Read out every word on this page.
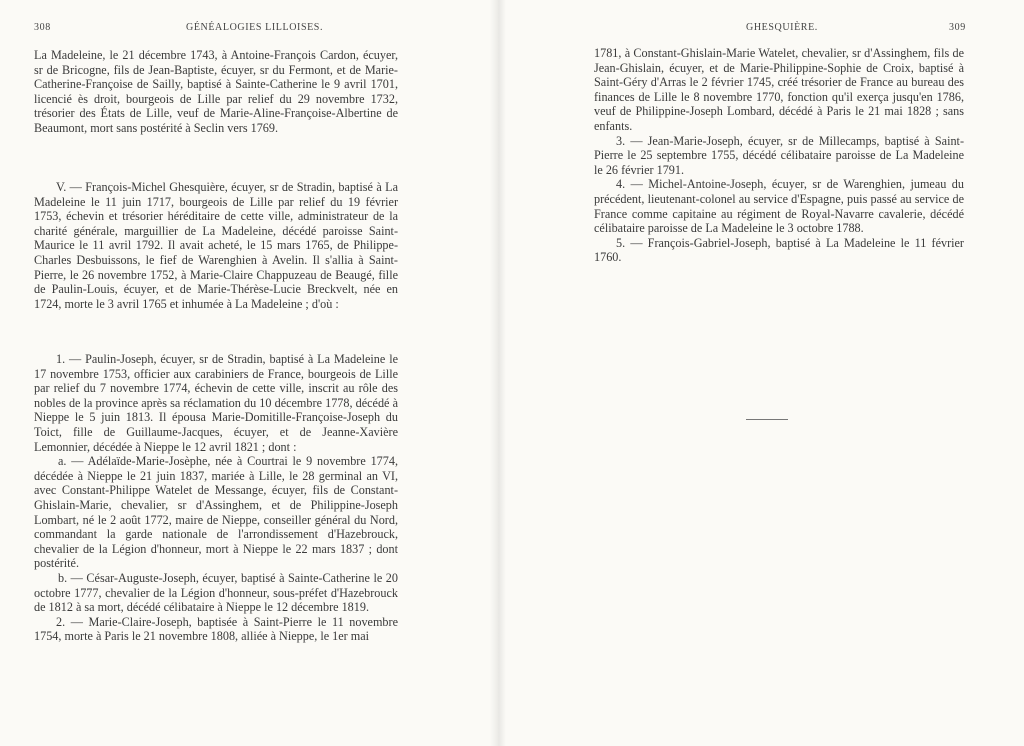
308	GÉNÉALOGIES LILLOISES.

La Madeleine, le 21 décembre 1743, à Antoine-François Cardon, écuyer, sr de Bricogne, fils de Jean-Baptiste, écuyer, sr du Fermont, et de Marie-Catherine-Françoise de Sailly, baptisé à Sainte-Catherine le 9 avril 1701, licencié ès droit, bourgeois de Lille par relief du 29 novembre 1732, trésorier des États de Lille, veuf de Marie-Aline-Françoise-Albertine de Beaumont, mort sans postérité à Seclin vers 1769.

V. — François-Michel Ghesquière, écuyer, sr de Stradin, baptisé à La Madeleine le 11 juin 1717, bourgeois de Lille par relief du 19 février 1753, échevin et trésorier héréditaire de cette ville, administrateur de la charité générale, marguillier de La Madeleine, décédé paroisse Saint-Maurice le 11 avril 1792. Il avait acheté, le 15 mars 1765, de Philippe-Charles Desbuissons, le fief de Warenghien à Avelin. Il s'allia à Saint-Pierre, le 26 novembre 1752, à Marie-Claire Chappuzeau de Beaugé, fille de Paulin-Louis, écuyer, et de Marie-Thérèse-Lucie Breckvelt, née en 1724, morte le 3 avril 1765 et inhumée à La Madeleine ; d'où :

1. — Paulin-Joseph, écuyer, sr de Stradin, baptisé à La Madeleine le 17 novembre 1753, officier aux carabiniers de France, bourgeois de Lille par relief du 7 novembre 1774, échevin de cette ville, inscrit au rôle des nobles de la province après sa réclamation du 10 décembre 1778, décédé à Nieppe le 5 juin 1813. Il épousa Marie-Domitille-Françoise-Joseph du Toict, fille de Guillaume-Jacques, écuyer, et de Jeanne-Xavière Lemonnier, décédée à Nieppe le 12 avril 1821 ; dont :

a. — Adélaïde-Marie-Josèphe, née à Courtrai le 9 novembre 1774, décédée à Nieppe le 21 juin 1837, mariée à Lille, le 28 germinal an VI, avec Constant-Philippe Watelet de Messange, écuyer, fils de Constant-Ghislain-Marie, chevalier, sr d'Assinghem, et de Philippine-Joseph Lombart, né le 2 août 1772, maire de Nieppe, conseiller général du Nord, commandant la garde nationale de l'arrondissement d'Hazebrouck, chevalier de la Légion d'honneur, mort à Nieppe le 22 mars 1837 ; dont postérité.

b. — César-Auguste-Joseph, écuyer, baptisé à Sainte-Catherine le 20 octobre 1777, chevalier de la Légion d'honneur, sous-préfet d'Hazebrouck de 1812 à sa mort, décédé célibataire à Nieppe le 12 décembre 1819.

2. — Marie-Claire-Joseph, baptisée à Saint-Pierre le 11 novembre 1754, morte à Paris le 21 novembre 1808, alliée à Nieppe, le 1er mai

GHESQUIÈRE.	309

1781, à Constant-Ghislain-Marie Watelet, chevalier, sr d'Assinghem, fils de Jean-Ghislain, écuyer, et de Marie-Philippine-Sophie de Croix, baptisé à Saint-Géry d'Arras le 2 février 1745, créé trésorier de France au bureau des finances de Lille le 8 novembre 1770, fonction qu'il exerça jusqu'en 1786, veuf de Philippine-Joseph Lombard, décédé à Paris le 21 mai 1828 ; sans enfants.

3. — Jean-Marie-Joseph, écuyer, sr de Millecamps, baptisé à Saint-Pierre le 25 septembre 1755, décédé célibataire paroisse de La Madeleine le 26 février 1791.

4. — Michel-Antoine-Joseph, écuyer, sr de Warenghien, jumeau du précédent, lieutenant-colonel au service d'Espagne, puis passé au service de France comme capitaine au régiment de Royal-Navarre cavalerie, décédé célibataire paroisse de La Madeleine le 3 octobre 1788.

5. — François-Gabriel-Joseph, baptisé à La Madeleine le 11 février 1760.
